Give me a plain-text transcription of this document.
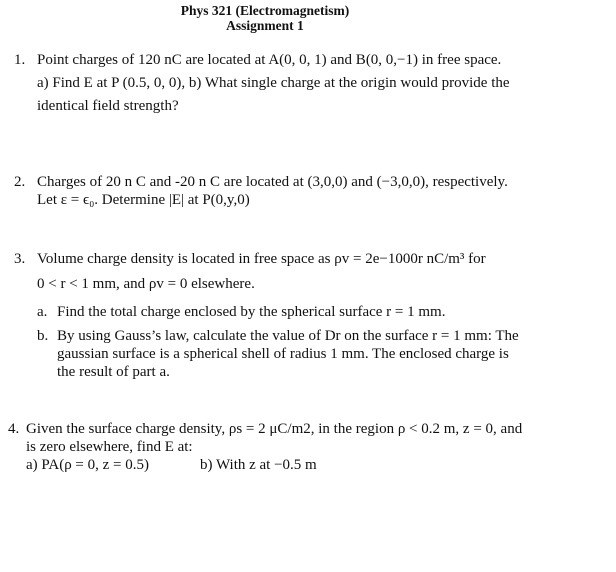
Phys 321 (Electromagnetism)
Assignment 1
1. Point charges of 120 nC are located at A(0, 0, 1) and B(0, 0,−1) in free space.
a) Find E at P (0.5, 0, 0), b) What single charge at the origin would provide the
identical field strength?
2. Charges of 20 n C and -20 n C are located at (3,0,0) and (−3,0,0), respectively.
Let ε = ϵ₀. Determine |E| at P(0,y,0)
3. Volume charge density is located in free space as ρv = 2e−1000r nC/m³ for
0 < r < 1 mm, and ρv = 0 elsewhere.
a. Find the total charge enclosed by the spherical surface r = 1 mm.
b. By using Gauss’s law, calculate the value of Dr on the surface r = 1 mm: The
gaussian surface is a spherical shell of radius 1 mm. The enclosed charge is
the result of part a.
4. Given the surface charge density, ρs = 2 μC/m2, in the region ρ < 0.2 m, z = 0, and
is zero elsewhere, find E at:
a) PA(ρ = 0, z = 0.5)	b) With z at −0.5 m
